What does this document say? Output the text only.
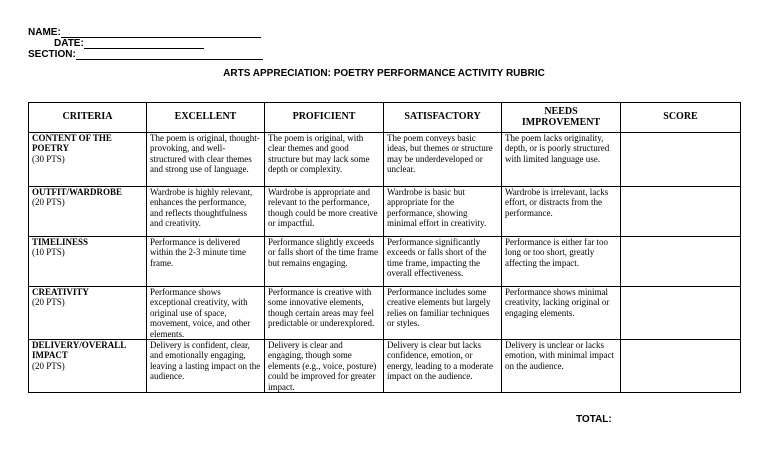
NAME:
DATE:
SECTION:
ARTS APPRECIATION: POETRY PERFORMANCE ACTIVITY RUBRIC
CRITERIA	EXCELLENT	PROFICIENT	SATISFACTORY	NEEDS IMPROVEMENT	SCORE

CONTENT OF THE POETRY
(30 PTS)	The poem is original, thought-provoking, and well-structured with clear themes and strong use of language.	The poem is original, with clear themes and good structure but may lack some depth or complexity.	The poem conveys basic ideas, but themes or structure may be underdeveloped or unclear.	The poem lacks originality, depth, or is poorly structured with limited language use.	

OUTFIT/WARDROBE
(20 PTS)	Wardrobe is highly relevant, enhances the performance, and reflects thoughtfulness and creativity.	Wardrobe is appropriate and relevant to the performance, though could be more creative or impactful.	Wardrobe is basic but appropriate for the performance, showing minimal effort in creativity.	Wardrobe is irrelevant, lacks effort, or distracts from the performance.	

TIMELINESS
(10 PTS)	Performance is delivered within the 2-3 minute time frame.	Performance slightly exceeds or falls short of the time frame but remains engaging.	Performance significantly exceeds or falls short of the time frame, impacting the overall effectiveness.	Performance is either far too long or too short, greatly affecting the impact.	

CREATIVITY
(20 PTS)	Performance shows exceptional creativity, with original use of space, movement, voice, and other elements.	Performance is creative with some innovative elements, though certain areas may feel predictable or underexplored.	Performance includes some creative elements but largely relies on familiar techniques or styles.	Performance shows minimal creativity, lacking original or engaging elements.	

DELIVERY/OVERALL IMPACT
(20 PTS)	Delivery is confident, clear, and emotionally engaging, leaving a lasting impact on the audience.	Delivery is clear and engaging, though some elements (e.g., voice, posture) could be improved for greater impact.	Delivery is clear but lacks confidence, emotion, or energy, leading to a moderate impact on the audience.	Delivery is unclear or lacks emotion, with minimal impact on the audience.	
TOTAL:
